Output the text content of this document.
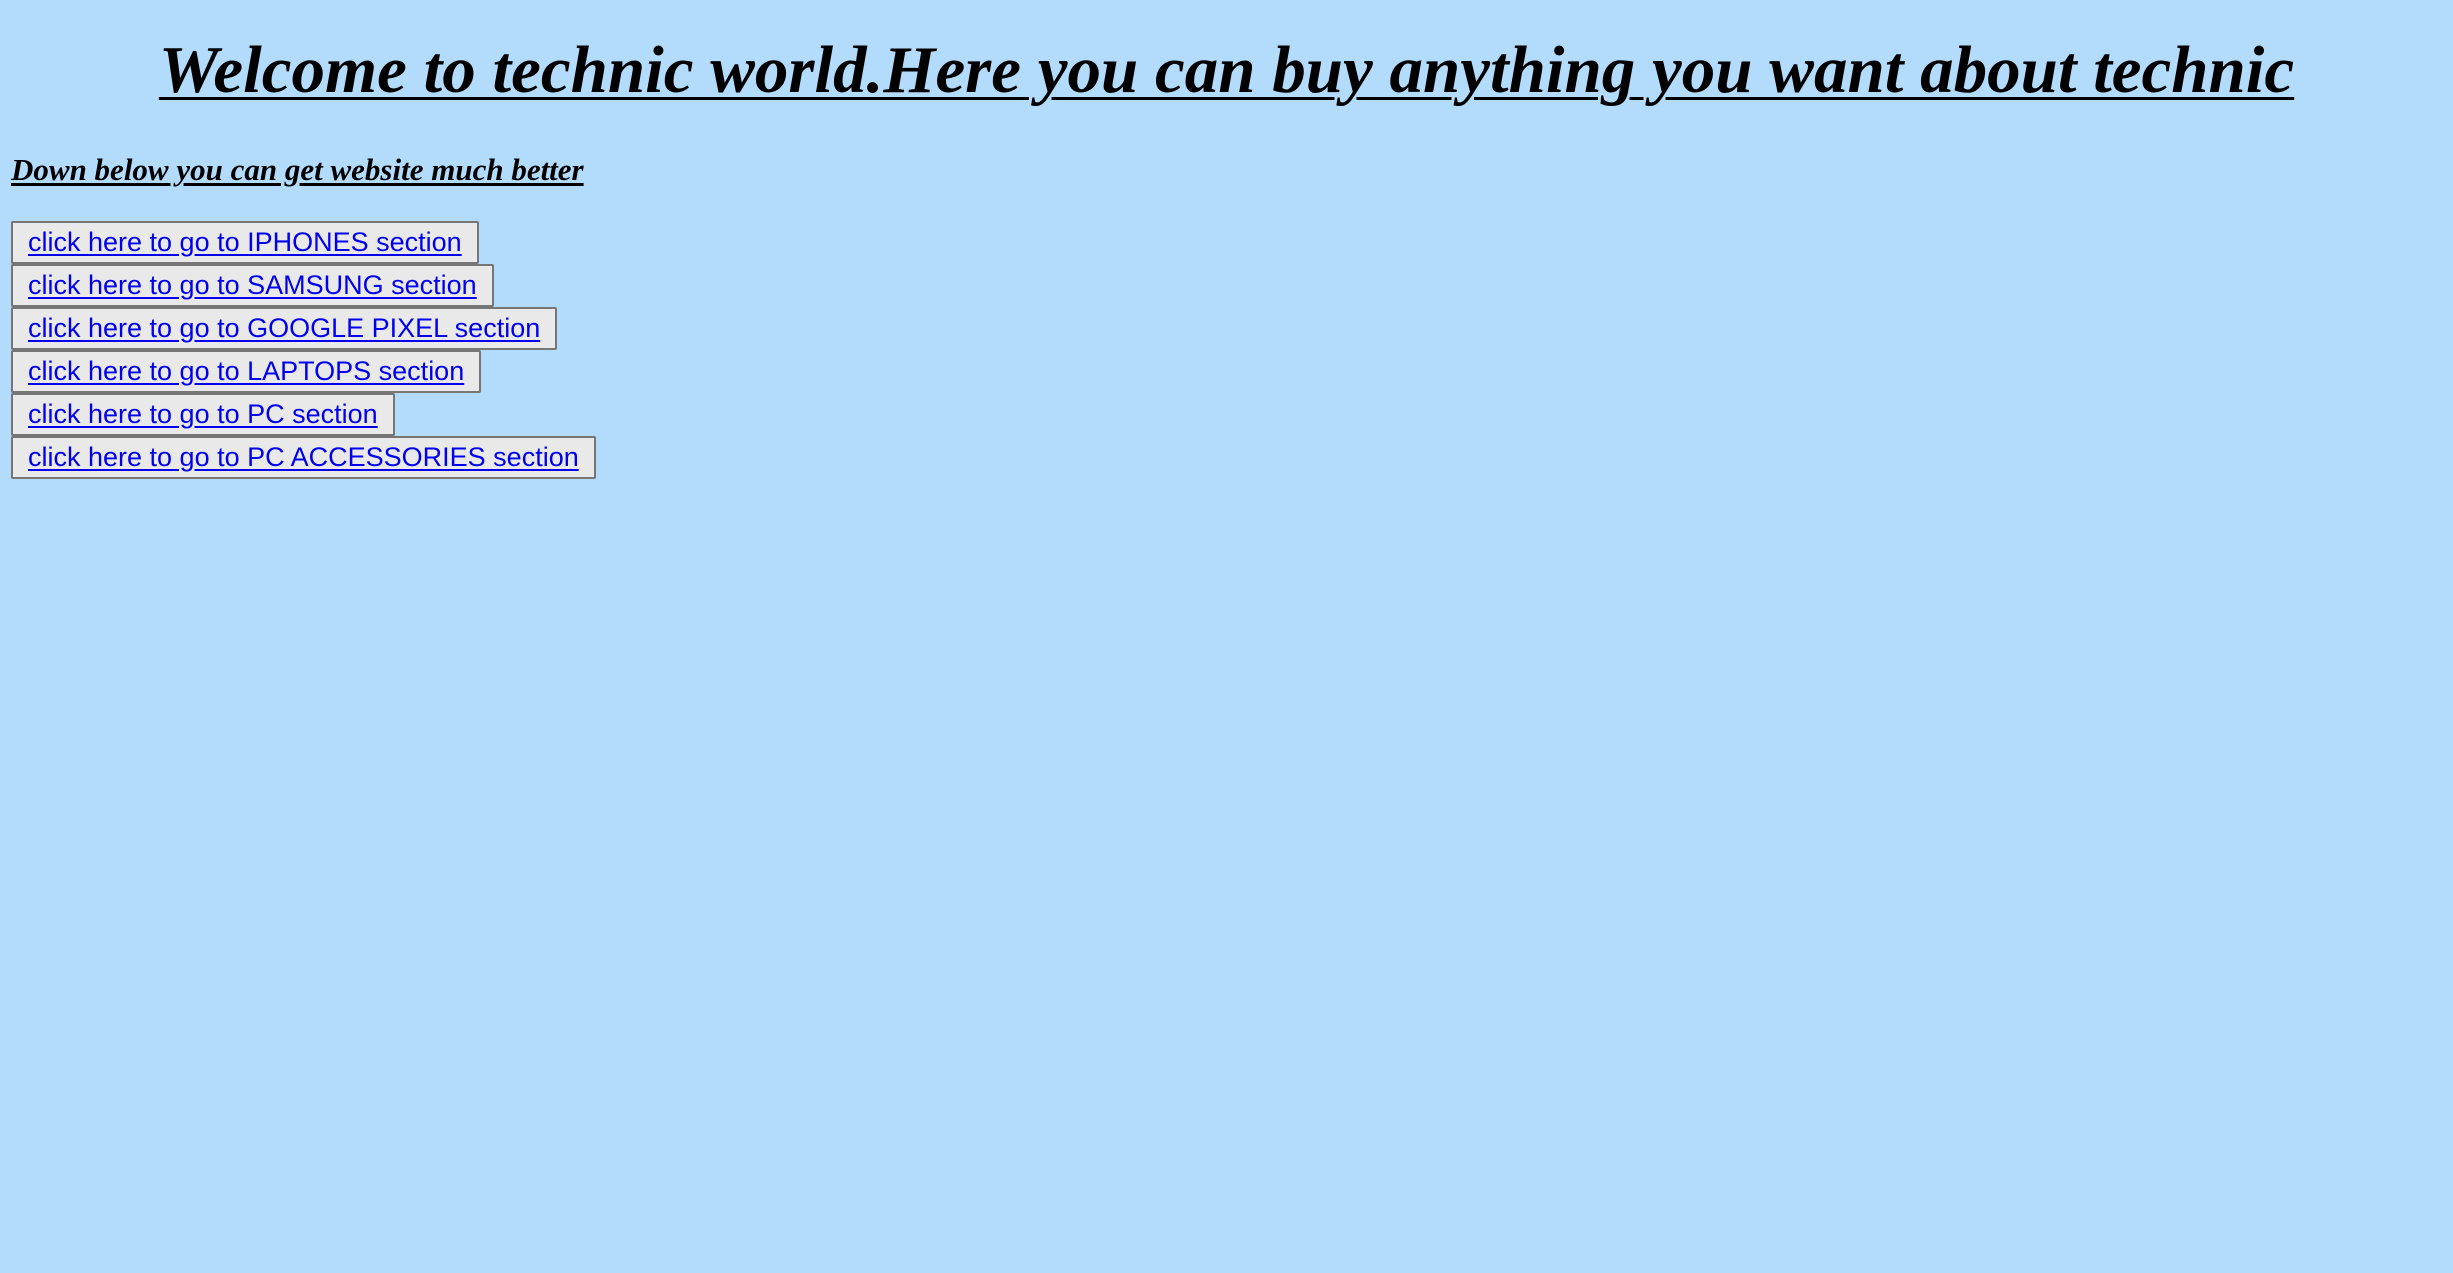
Welcome to technic world.Here you can buy anything you want about technic
Down below you can get website much better
click here to go to IPHONES section
click here to go to SAMSUNG section
click here to go to GOOGLE PIXEL section
click here to go to LAPTOPS section
click here to go to PC section
click here to go to PC ACCESSORIES section
